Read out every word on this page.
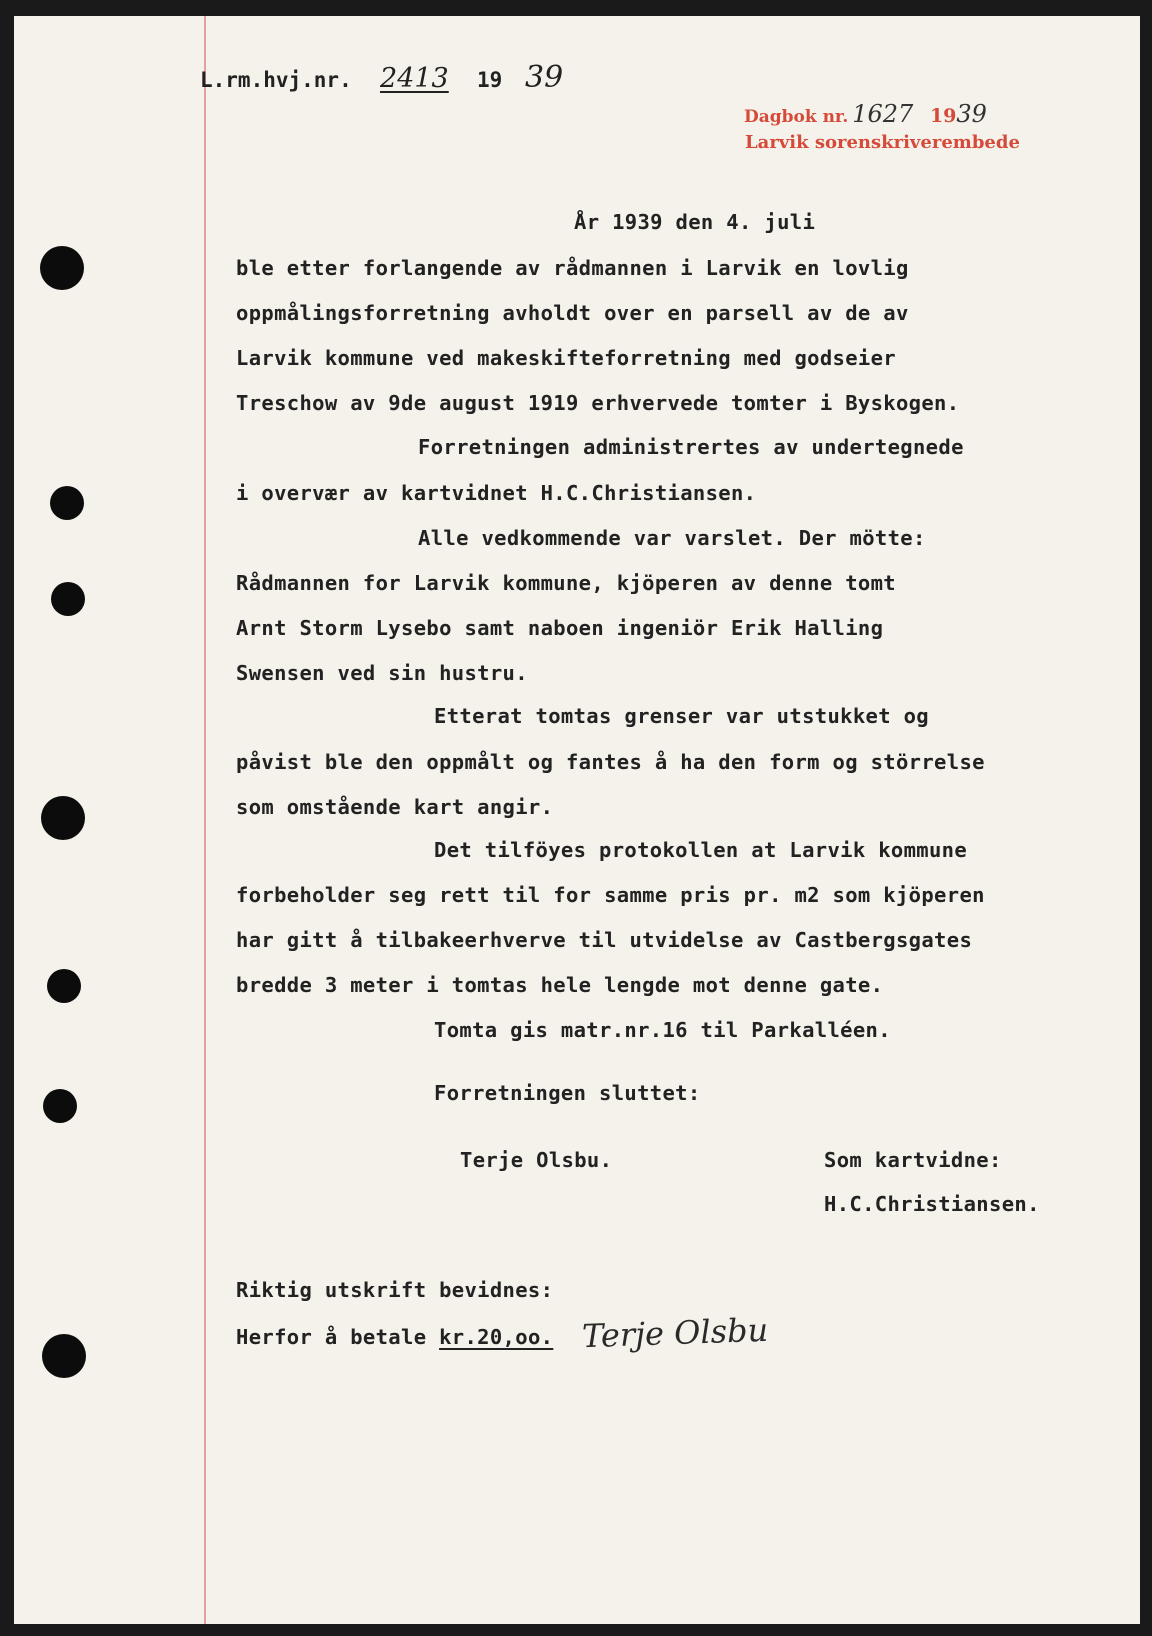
L.rm.hvj.nr. 2413 19 39
Dagbok nr. 1627 1939
Larvik sorenskriverembede
År 1939 den 4. juli
ble etter forlangende av rådmannen i Larvik en lovlig
oppmålingsforretning avholdt over en parsell av de av
Larvik kommune ved makeskifteforretning med godseier
Treschow av 9de august 1919 erhvervede tomter i Byskogen.
Forretningen administrertes av undertegnede
i overvær av kartvidnet H.C.Christiansen.
Alle vedkommende var varslet. Der mötte:
Rådmannen for Larvik kommune, kjöperen av denne tomt
Arnt Storm Lysebo samt naboen ingeniör Erik Halling
Swensen ved sin hustru.
Etterat tomtas grenser var utstukket og
påvist ble den oppmålt og fantes å ha den form og störrelse
som omstående kart angir.
Det tilföyes protokollen at Larvik kommune
forbeholder seg rett til for samme pris pr. m2 som kjöperen
har gitt å tilbakeerhverve til utvidelse av Castbergsgates
bredde 3 meter i tomtas hele lengde mot denne gate.
Tomta gis matr.nr.16 til Parkalléen.
Forretningen sluttet:
Terje Olsbu.	Som kartvidne:
H.C.Christiansen.
Riktig utskrift bevidnes:
Herfor å betale kr.20,oo. Terje Olsbu
